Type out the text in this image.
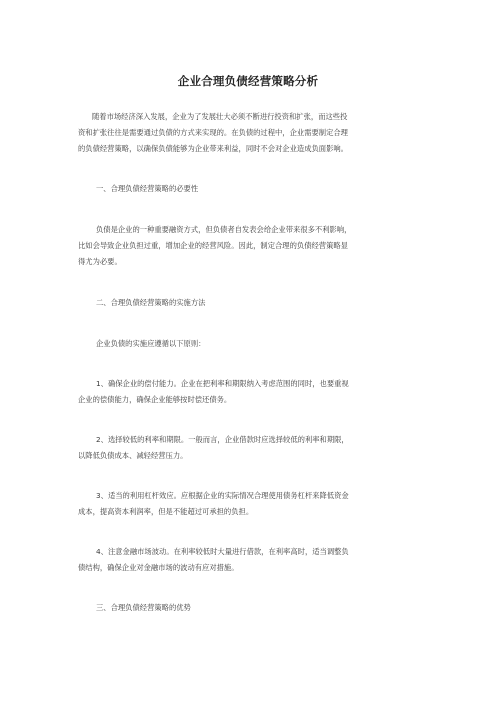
企业合理负债经营策略分析

随着市场经济深入发展，企业为了发展壮大必须不断进行投资和扩张，而这些投

资和扩张往往是需要通过负债的方式来实现的。在负债的过程中，企业需要制定合理

的负债经营策略，以确保负债能够为企业带来利益，同时不会对企业造成负面影响。

一、合理负债经营策略的必要性

负债是企业的一种重要融资方式，但负债者自发表会给企业带来很多不利影响，

比如会导致企业负担过重，增加企业的经营风险。因此，制定合理的负债经营策略显

得尤为必要。

二、合理负债经营策略的实施方法

企业负债的实施应遵循以下原则：

1、确保企业的偿付能力。企业在把利率和期限纳入考虑范围的同时，也要重视

企业的偿债能力，确保企业能够按时偿还债务。

2、选择较低的利率和期限。一般而言，企业借款时应选择较低的利率和期限，

以降低负债成本、减轻经营压力。

3、适当的利用杠杆效应。应根据企业的实际情况合理使用债务杠杆来降低资金

成本，提高资本利润率，但是不能超过可承担的负担。

4、注意金融市场波动。在利率较低时大量进行借款，在利率高时，适当调整负

债结构，确保企业对金融市场的波动有应对措施。

三、合理负债经营策略的优势
